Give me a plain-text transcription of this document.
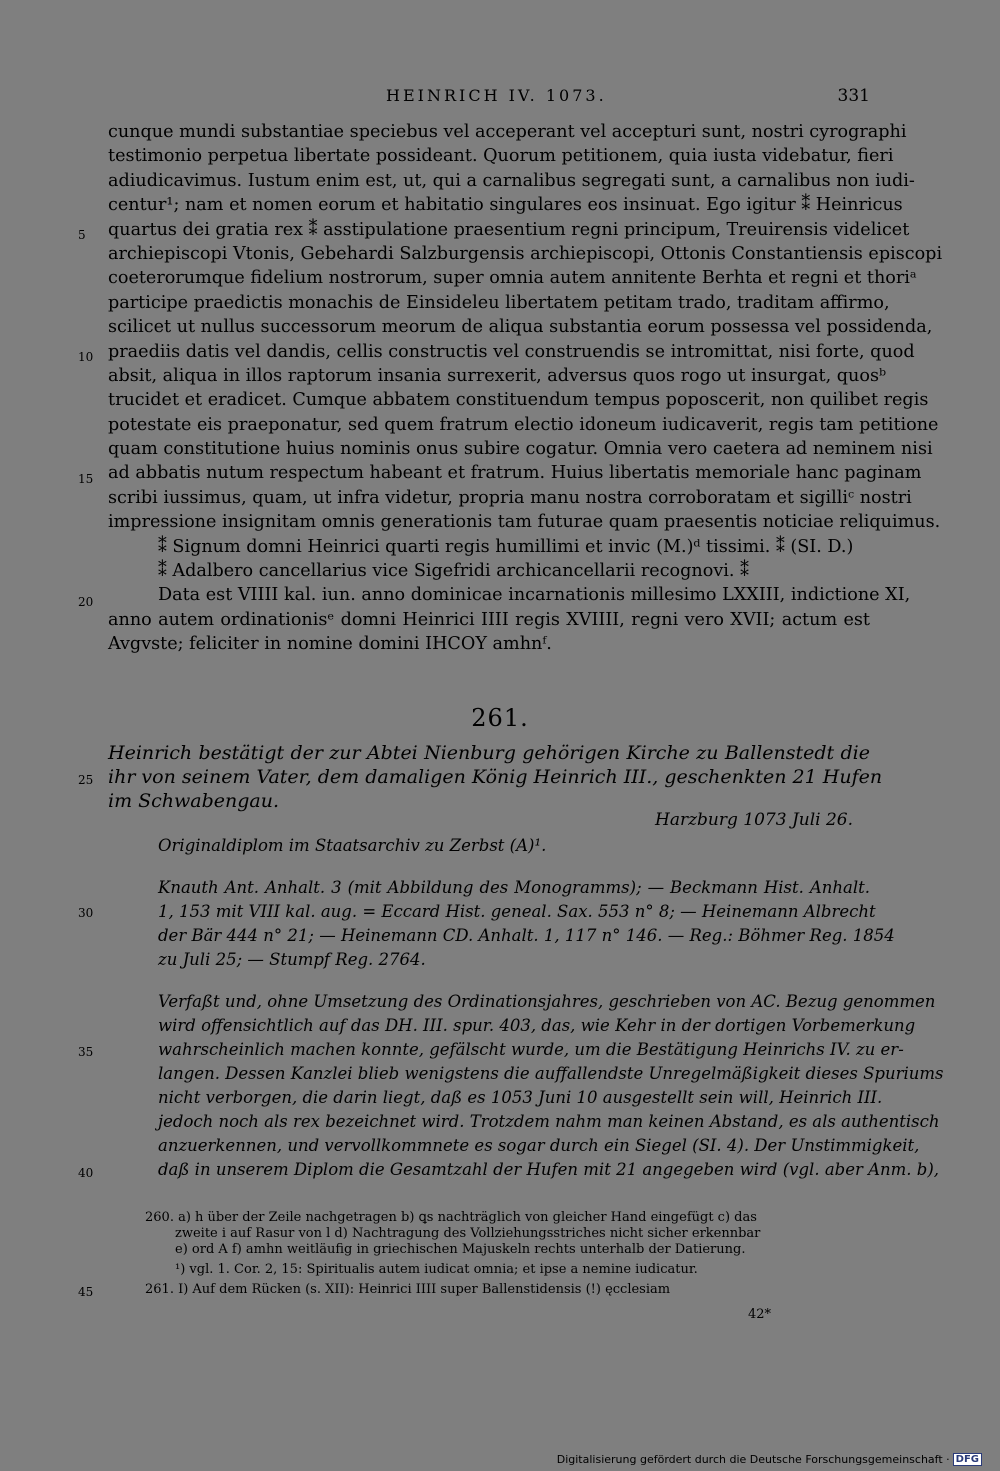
HEINRICH IV. 1073.	331
5
10
15
20
25
30
35
40
45
cunque mundi substantiae speciebus vel acceperant vel accepturi sunt, nostri cyrographi
testimonio perpetua libertate possideant. Quorum petitionem, quia iusta videbatur, fieri
adiudicavimus. Iustum enim est, ut, qui a carnalibus segregati sunt, a carnalibus non iudi-
centur¹; nam et nomen eorum et habitatio singulares eos insinuat. Ego igitur ⁑ Heinricus
quartus dei gratia rex ⁑ asstipulatione praesentium regni principum, Treuirensis videlicet
archiepiscopi Vtonis, Gebehardi Salzburgensis archiepiscopi, Ottonis Constantiensis episcopi
coeterorumque fidelium nostrorum, super omnia autem annitente Berhta et regni et thoriᵃ
participe praedictis monachis de Einsideleu libertatem petitam trado, traditam affirmo,
scilicet ut nullus successorum meorum de aliqua substantia eorum possessa vel possidenda,
praediis datis vel dandis, cellis constructis vel construendis se intromittat, nisi forte, quod
absit, aliqua in illos raptorum insania surrexerit, adversus quos rogo ut insurgat, quosᵇ
trucidet et eradicet. Cumque abbatem constituendum tempus poposcerit, non quilibet regis
potestate eis praeponatur, sed quem fratrum electio idoneum iudicaverit, regis tam petitione
quam constitutione huius nominis onus subire cogatur. Omnia vero caetera ad neminem nisi
ad abbatis nutum respectum habeant et fratrum. Huius libertatis memoriale hanc paginam
scribi iussimus, quam, ut infra videtur, propria manu nostra corroboratam et sigilliᶜ nostri
impressione insignitam omnis generationis tam futurae quam praesentis noticiae reliquimus.
⁑ Signum domni Heinrici quarti regis humillimi et invic (M.)ᵈ tissimi. ⁑ (SI. D.)
⁑ Adalbero cancellarius vice Sigefridi archicancellarii recognovi. ⁑
Data est VIIII kal. iun. anno dominicae incarnationis millesimo LXXIII, indictione XI,
anno autem ordinationisᵉ domni Heinrici IIII regis XVIIII, regni vero XVII; actum est
Avgvste; feliciter in nomine domini IHCOY amhnᶠ.
261.
Heinrich bestätigt der zur Abtei Nienburg gehörigen Kirche zu Ballenstedt die
ihr von seinem Vater, dem damaligen König Heinrich III., geschenkten 21 Hufen
im Schwabengau.
Harzburg 1073 Juli 26.
Originaldiplom im Staatsarchiv zu Zerbst (A)¹.
Knauth Ant. Anhalt. 3 (mit Abbildung des Monogramms); — Beckmann Hist. Anhalt.
1, 153 mit VIII kal. aug. = Eccard Hist. geneal. Sax. 553 n° 8; — Heinemann Albrecht
der Bär 444 n° 21; — Heinemann CD. Anhalt. 1, 117 n° 146. — Reg.: Böhmer Reg. 1854
zu Juli 25; — Stumpf Reg. 2764.
Verfaßt und, ohne Umsetzung des Ordinationsjahres, geschrieben von AC. Bezug genommen
wird offensichtlich auf das DH. III. spur. 403, das, wie Kehr in der dortigen Vorbemerkung
wahrscheinlich machen konnte, gefälscht wurde, um die Bestätigung Heinrichs IV. zu er-
langen. Dessen Kanzlei blieb wenigstens die auffallendste Unregelmäßigkeit dieses Spuriums
nicht verborgen, die darin liegt, daß es 1053 Juni 10 ausgestellt sein will, Heinrich III.
jedoch noch als rex bezeichnet wird. Trotzdem nahm man keinen Abstand, es als authentisch
anzuerkennen, und vervollkommnete es sogar durch ein Siegel (SI. 4). Der Unstimmigkeit,
daß in unserem Diplom die Gesamtzahl der Hufen mit 21 angegeben wird (vgl. aber Anm. b),
260. a) h über der Zeile nachgetragen b) ꝗs nachträglich von gleicher Hand eingefügt c) das
zweite i auf Rasur von l d) Nachtragung des Vollziehungsstriches nicht sicher erkennbar
e) ord A f) amhn weitläufig in griechischen Majuskeln rechts unterhalb der Datierung.
¹) vgl. 1. Cor. 2, 15: Spiritualis autem iudicat omnia; et ipse a nemine iudicatur.
261. I) Auf dem Rücken (s. XII): Heinrici IIII super Ballenstidensis (!) ęcclesiam
42*
Digitalisierung gefördert durch die Deutsche Forschungsgemeinschaft · DFG
